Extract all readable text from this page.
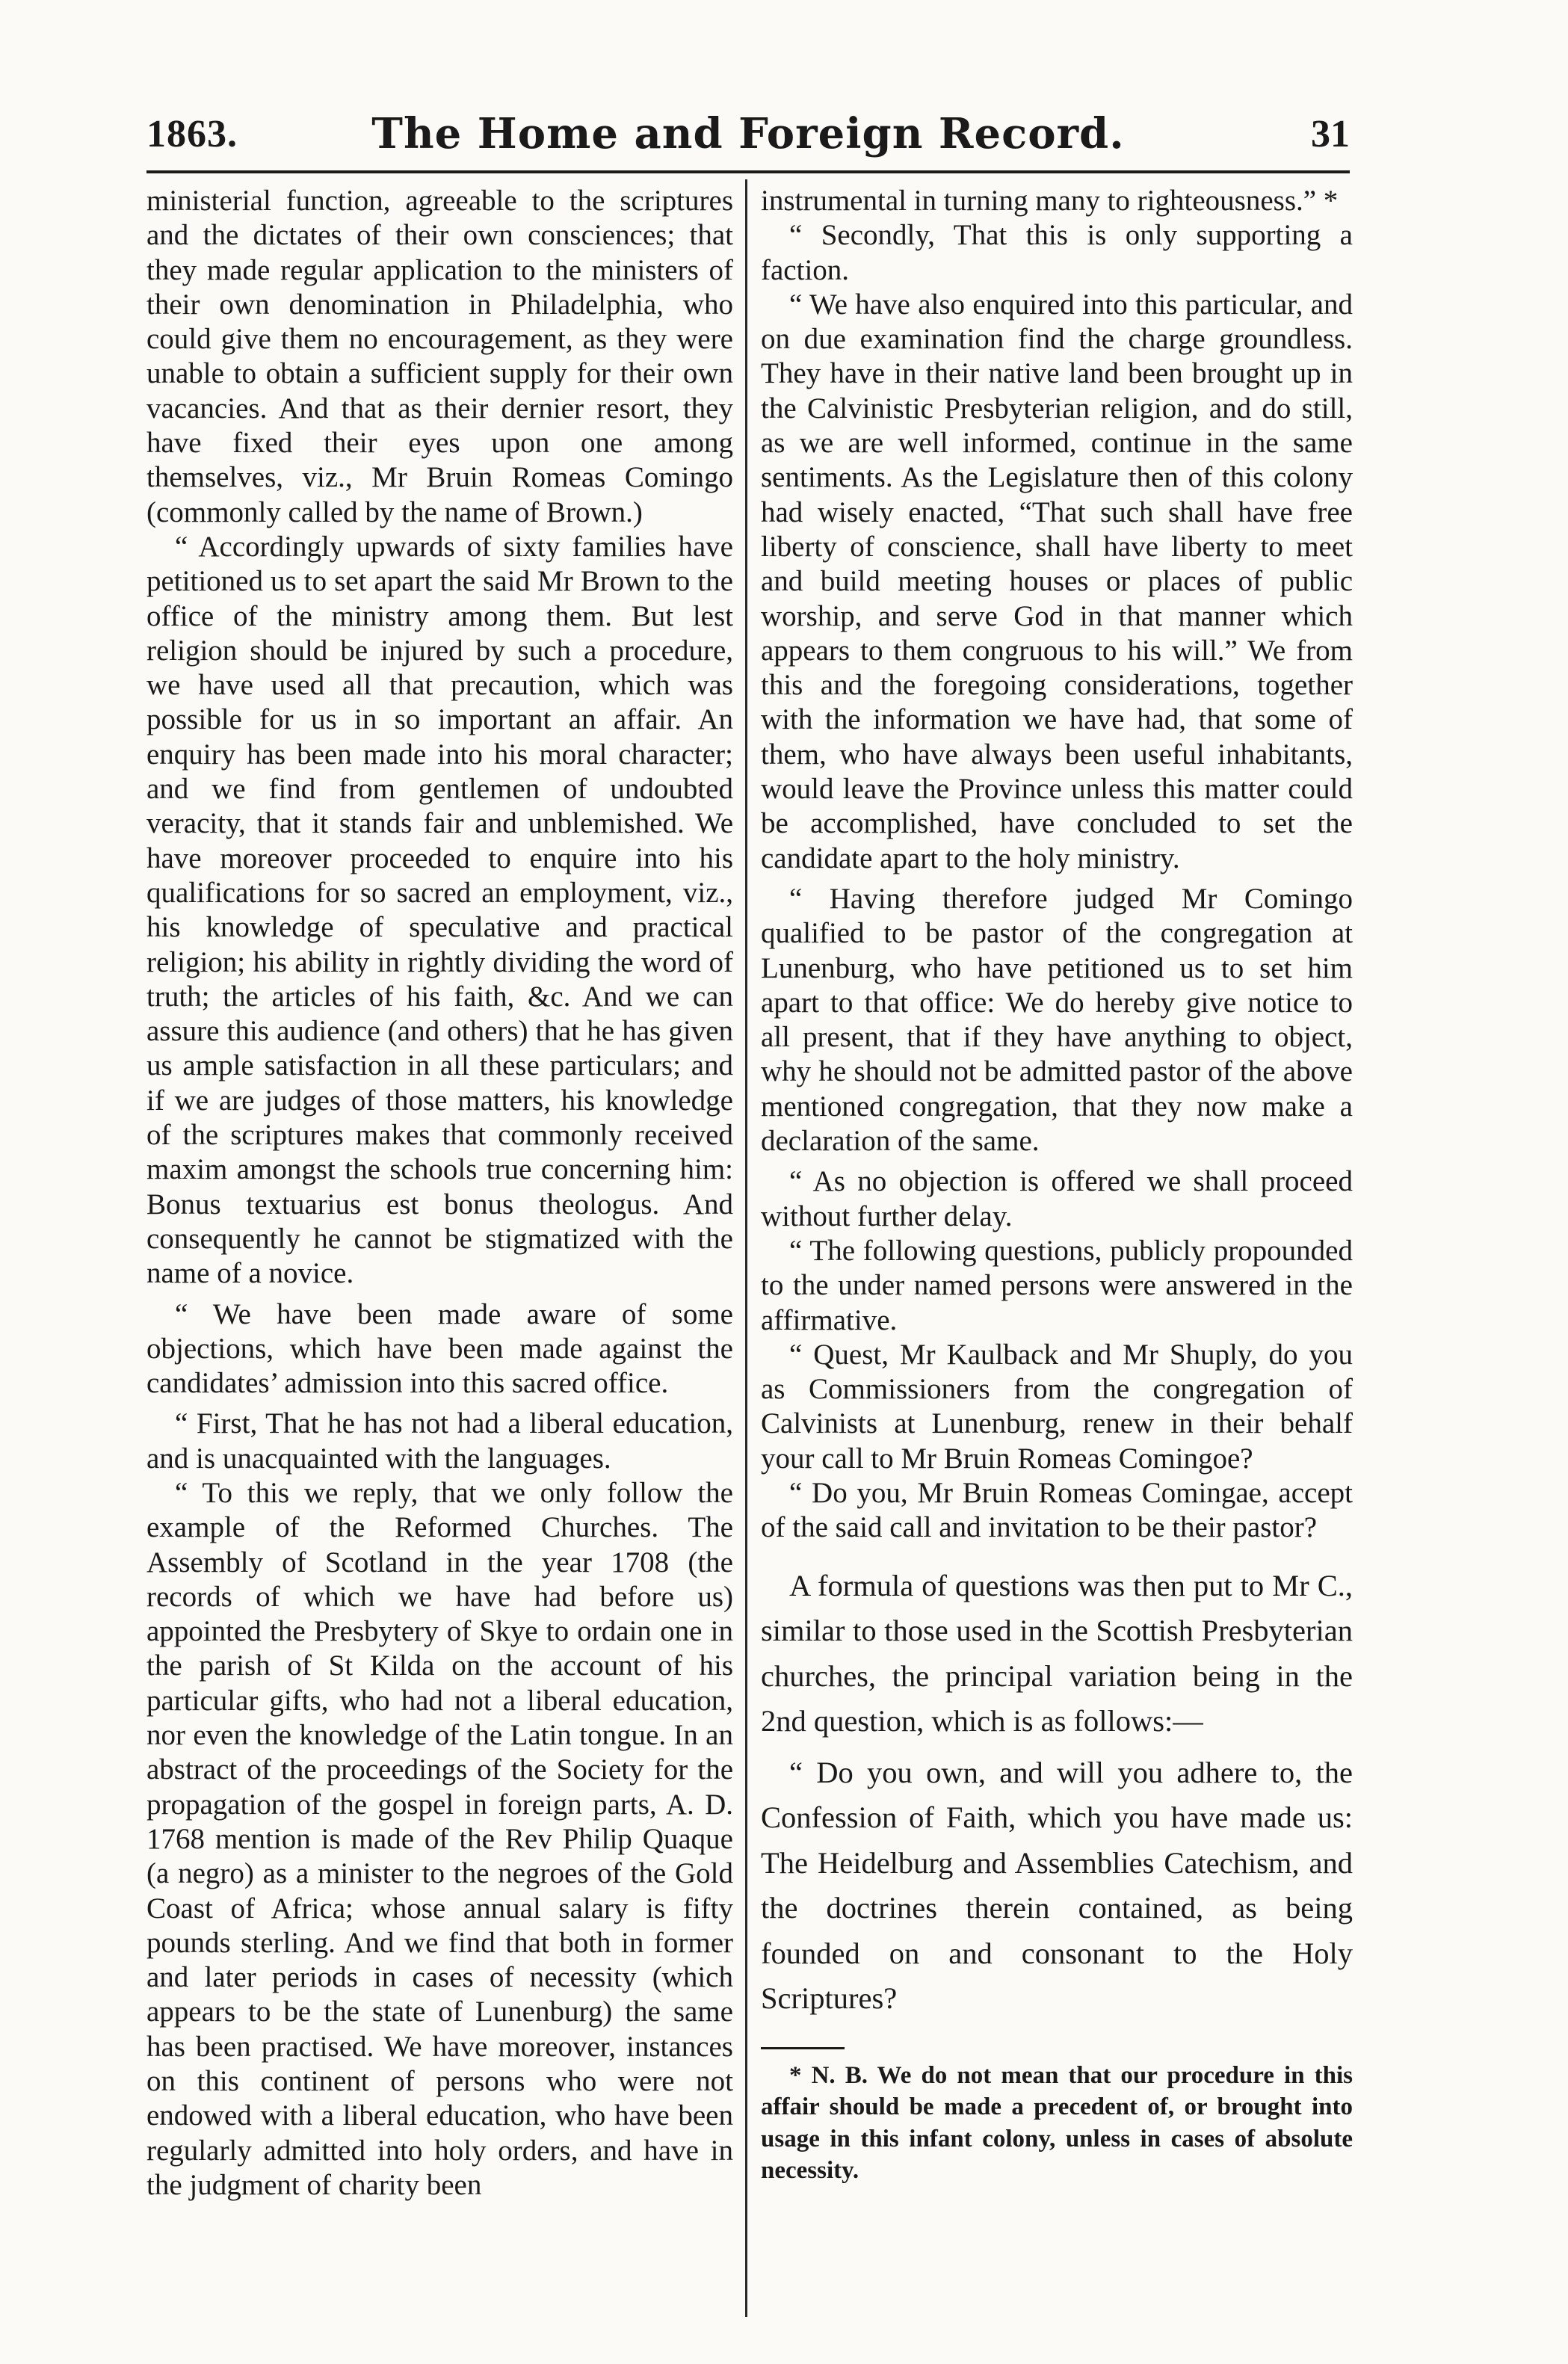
1863.	The Home and Foreign Record.	31

ministerial function, agreeable to the scriptures and the dictates of their own consciences; that they made regular application to the ministers of their own denomination in Philadelphia, who could give them no encouragement, as they were unable to obtain a sufficient supply for their own vacancies. And that as their dernier resort, they have fixed their eyes upon one among themselves, viz., Mr Bruin Romeas Comingo (commonly called by the name of Brown.)

“ Accordingly upwards of sixty families have petitioned us to set apart the said Mr Brown to the office of the ministry among them. But lest religion should be injured by such a procedure, we have used all that precaution, which was possible for us in so important an affair. An enquiry has been made into his moral character; and we find from gentlemen of undoubted veracity, that it stands fair and unblemished. We have moreover proceeded to enquire into his qualifications for so sacred an employment, viz., his knowledge of speculative and practical religion; his ability in rightly dividing the word of truth; the articles of his faith, &c. And we can assure this audience (and others) that he has given us ample satisfaction in all these particulars; and if we are judges of those matters, his knowledge of the scriptures makes that commonly received maxim amongst the schools true concerning him: Bonus textuarius est bonus theologus. And consequently he cannot be stigmatized with the name of a novice.

“ We have been made aware of some objections, which have been made against the candidates’ admission into this sacred office.

“ First, That he has not had a liberal education, and is unacquainted with the languages.

“ To this we reply, that we only follow the example of the Reformed Churches. The Assembly of Scotland in the year 1708 (the records of which we have had before us) appointed the Presbytery of Skye to ordain one in the parish of St Kilda on the account of his particular gifts, who had not a liberal education, nor even the knowledge of the Latin tongue. In an abstract of the proceedings of the Society for the propagation of the gospel in foreign parts, A. D. 1768 mention is made of the Rev Philip Quaque (a negro) as a minister to the negroes of the Gold Coast of Africa; whose annual salary is fifty pounds sterling. And we find that both in former and later periods in cases of necessity (which appears to be the state of Lunenburg) the same has been practised. We have moreover, instances on this continent of persons who were not endowed with a liberal education, who have been regularly admitted into holy orders, and have in the judgment of charity been

instrumental in turning many to righteousness.” *

“ Secondly, That this is only supporting a faction.

“ We have also enquired into this particular, and on due examination find the charge groundless. They have in their native land been brought up in the Calvinistic Presbyterian religion, and do still, as we are well informed, continue in the same sentiments. As the Legislature then of this colony had wisely enacted, “That such shall have free liberty of conscience, shall have liberty to meet and build meeting houses or places of public worship, and serve God in that manner which appears to them congruous to his will.” We from this and the foregoing considerations, together with the information we have had, that some of them, who have always been useful inhabitants, would leave the Province unless this matter could be accomplished, have concluded to set the candidate apart to the holy ministry.

“ Having therefore judged Mr Comingo qualified to be pastor of the congregation at Lunenburg, who have petitioned us to set him apart to that office: We do hereby give notice to all present, that if they have anything to object, why he should not be admitted pastor of the above mentioned congregation, that they now make a declaration of the same.

“ As no objection is offered we shall proceed without further delay.

“ The following questions, publicly propounded to the under named persons were answered in the affirmative.

“ Quest, Mr Kaulback and Mr Shuply, do you as Commissioners from the congregation of Calvinists at Lunenburg, renew in their behalf your call to Mr Bruin Romeas Comingoe?

“ Do you, Mr Bruin Romeas Comingae, accept of the said call and invitation to be their pastor?

A formula of questions was then put to Mr C., similar to those used in the Scottish Presbyterian churches, the principal variation being in the 2nd question, which is as follows:—

“ Do you own, and will you adhere to, the Confession of Faith, which you have made us: The Heidelburg and Assemblies Catechism, and the doctrines therein contained, as being founded on and consonant to the Holy Scriptures?

* N. B. We do not mean that our procedure in this affair should be made a precedent of, or brought into usage in this infant colony, unless in cases of absolute necessity.
